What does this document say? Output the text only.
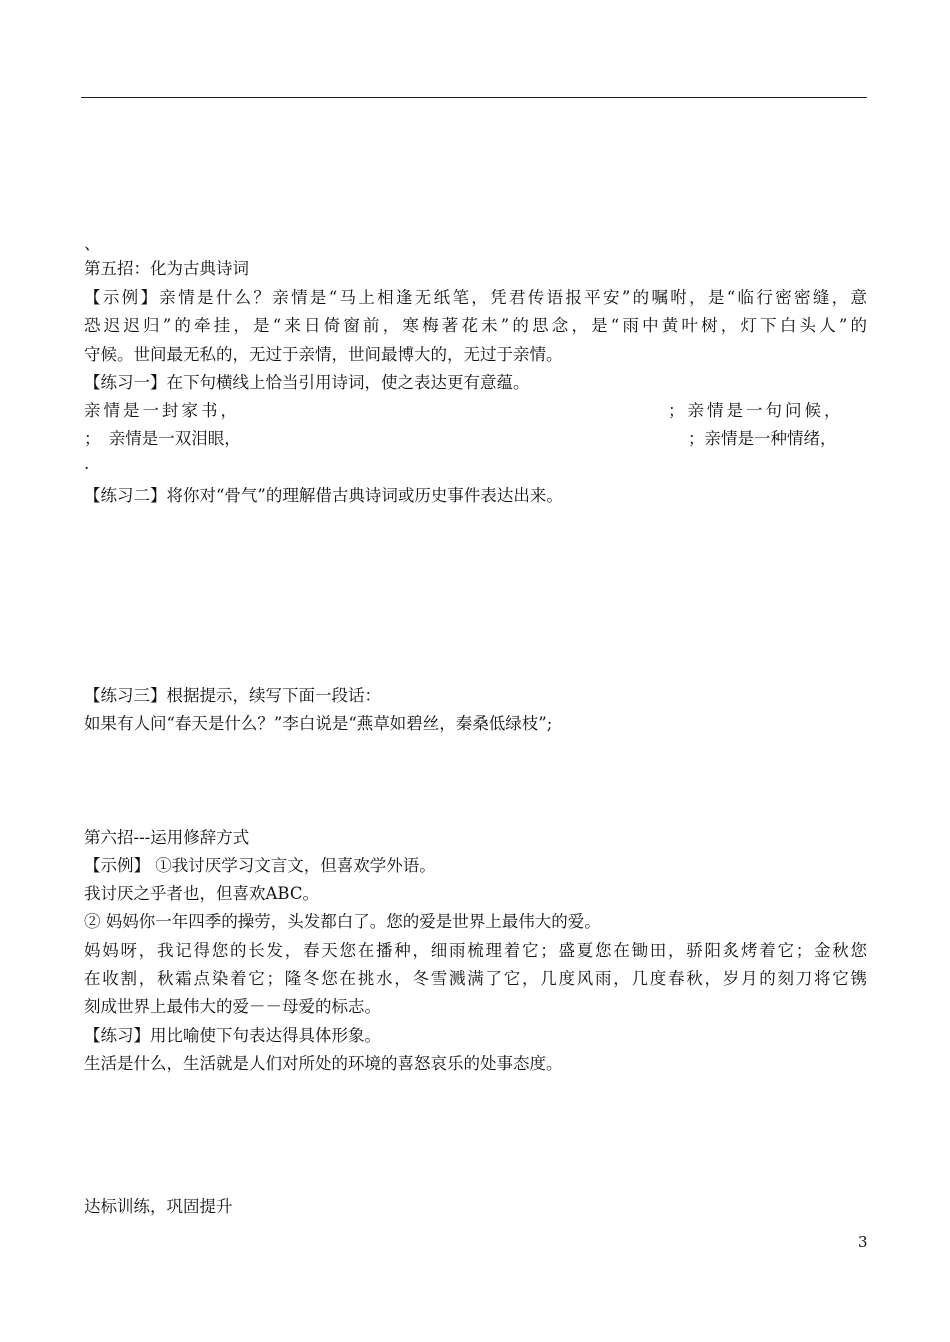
、
第五招：化为古典诗词
【示例】亲情是什么？亲情是“马上相逢无纸笔，凭君传语报平安”的嘱咐，是“临行密密缝，意
恐迟迟归”的牵挂，是“来日倚窗前，寒梅著花未”的思念，是“雨中黄叶树，灯下白头人”的
守候。世间最无私的，无过于亲情，世间最博大的，无过于亲情。
【练习一】在下句横线上恰当引用诗词，使之表达更有意蕴。
亲情是一封家书，	；亲情是一句问候，
；　亲情是一双泪眼，	；亲情是一种情绪，
.
【练习二】将你对“骨气”的理解借古典诗词或历史事件表达出来。
【练习三】根据提示，续写下面一段话：
如果有人问“春天是什么？”李白说是“燕草如碧丝，秦桑低绿枝”;
第六招---运用修辞方式
【示例】 ①我讨厌学习文言文，但喜欢学外语。
我讨厌之乎者也，但喜欢ABC。
② 妈妈你一年四季的操劳，头发都白了。您的爱是世界上最伟大的爱。
妈妈呀，我记得您的长发，春天您在播种，细雨梳理着它；盛夏您在锄田，骄阳炙烤着它；金秋您
在收割，秋霜点染着它；隆冬您在挑水，冬雪溅满了它，几度风雨，几度春秋，岁月的刻刀将它镌
刻成世界上最伟大的爱－－母爱的标志。
【练习】用比喻使下句表达得具体形象。
生活是什么，生活就是人们对所处的环境的喜怒哀乐的处事态度。
达标训练，巩固提升
3
